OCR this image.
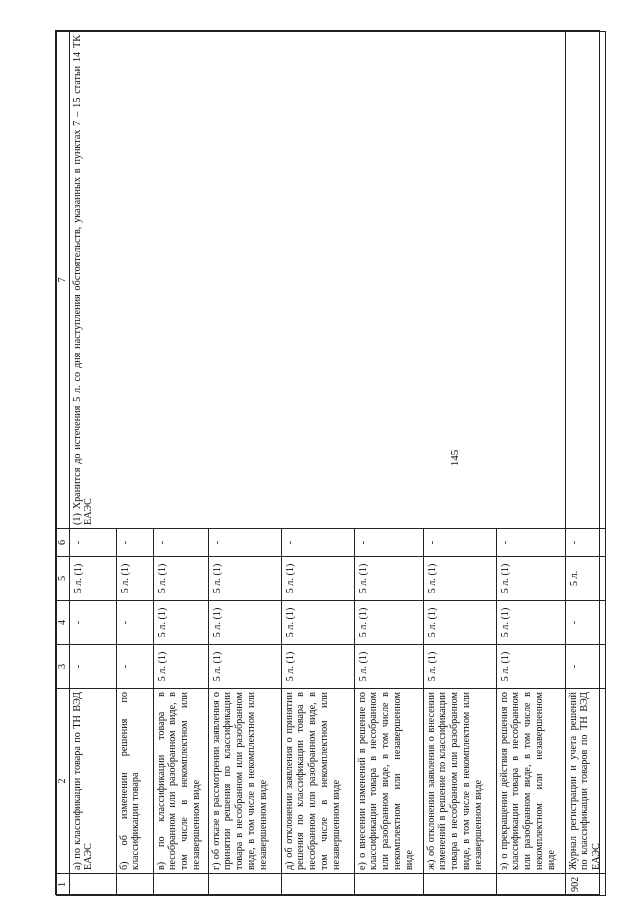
145
1	2	3	4	5	6	7
	а) по классификации товара по ТН ВЭД ЕАЭС	-	-	5 л. (1)	-	(1) Хранится до истечения 5 л. со дня наступления обстоятельств, указанных в пунктах 7 – 15 статьи 14 ТК ЕАЭС
	б) об изменении решения по классификации товара	-	-	5 л. (1)	-	
	в) по классификации товара в несобранном или разобранном виде, в том числе в некомплектном или незавершенном виде	5 л. (1)	5 л. (1)	5 л. (1)	-	
	г) об отказе в рассмотрении заявления о принятии решения по классификации товара в несобранном или разобранном виде, в том числе в некомплектном или незавершенном виде	5 л. (1)	5 л. (1)	5 л. (1)	-	
	д) об отклонении заявления о принятии решения по классификации товара в несобранном или разобранном виде, в том числе в некомплектном или незавершенном виде	5 л. (1)	5 л. (1)	5 л. (1)	-	
	е) о внесении изменений в решение по классификации товара в несобранном или разобранном виде, в том числе в некомплектном или незавершенном виде	5 л. (1)	5 л. (1)	5 л. (1)	-	
	ж) об отклонении заявления о внесении изменений в решение по классификации товара в несобранном или разобранном виде, в том числе в некомплектном или незавершенном виде	5 л. (1)	5 л. (1)	5 л. (1)	-	
	з) о прекращении действия решения по классификации товара в несобранном или разобранном виде, в том числе в некомплектном или незавершенном виде	5 л. (1)	5 л. (1)	5 л. (1)	-	
902	Журнал регистрации и учета решений по классификации товаров по ТН ВЭД ЕАЭС	-	-	5 л.	-	
